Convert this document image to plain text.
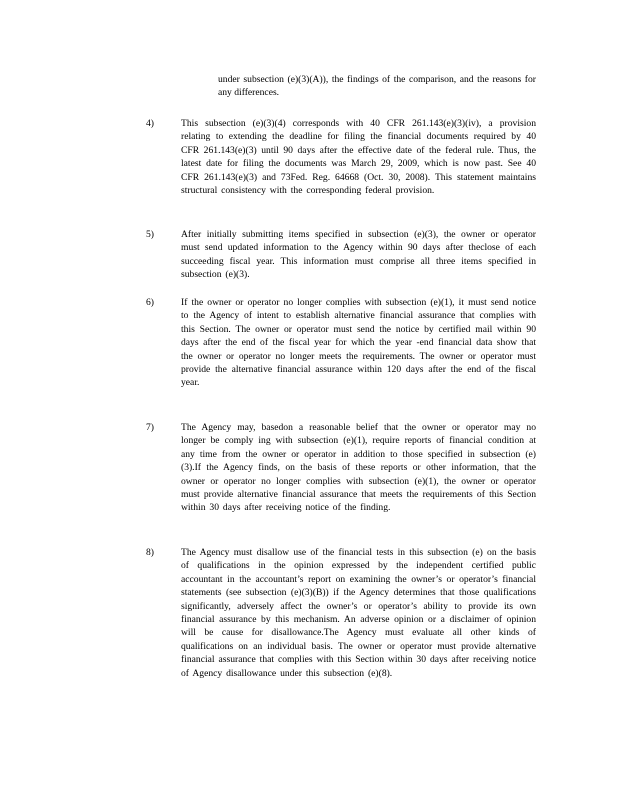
under subsection (e)(3)(A)), the findings of the comparison, and the reasons for any differences.
4)	This subsection (e)(3)(4) corresponds with 40 CFR 261.143(e)(3)(iv), a provision relating to extending the deadline for filing the financial documents required by 40 CFR 261.143(e)(3) until 90 days after the effective date of the federal rule. Thus, the latest date for filing the documents was March 29, 2009, which is now past. See 40 CFR 261.143(e)(3) and 73Fed. Reg. 64668 (Oct. 30, 2008). This statement maintains structural consistency with the corresponding federal provision.
5)	After initially submitting items specified in subsection (e)(3), the owner or operator must send updated information to the Agency within 90 days after theclose of each succeeding fiscal year. This information must comprise all three items specified in subsection (e)(3).
6)	If the owner or operator no longer complies with subsection (e)(1), it must send notice to the Agency of intent to establish alternative financial assurance that complies with this Section. The owner or operator must send the notice by certified mail within 90 days after the end of the fiscal year for which the year -end financial data show that the owner or operator no longer meets the requirements. The owner or operator must provide the alternative financial assurance within 120 days after the end of the fiscal year.
7)	The Agency may, basedon a reasonable belief that the owner or operator may no longer be comply ing with subsection (e)(1), require reports of financial condition at any time from the owner or operator in addition to those specified in subsection (e)(3).If the Agency finds, on the basis of these reports or other information, that the owner or operator no longer complies with subsection (e)(1), the owner or operator must provide alternative financial assurance that meets the requirements of this Section within 30 days after receiving notice of the finding.
8)	The Agency must disallow use of the financial tests in this subsection (e) on the basis of qualifications in the opinion expressed by the independent certified public accountant in the accountant’s report on examining the owner’s or operator’s financial statements (see subsection (e)(3)(B)) if the Agency determines that those qualifications significantly, adversely affect the owner’s or operator’s ability to provide its own financial assurance by this mechanism. An adverse opinion or a disclaimer of opinion will be cause for disallowance.The Agency must evaluate all other kinds of qualifications on an individual basis. The owner or operator must provide alternative financial assurance that complies with this Section within 30 days after receiving notice of Agency disallowance under this subsection (e)(8).
